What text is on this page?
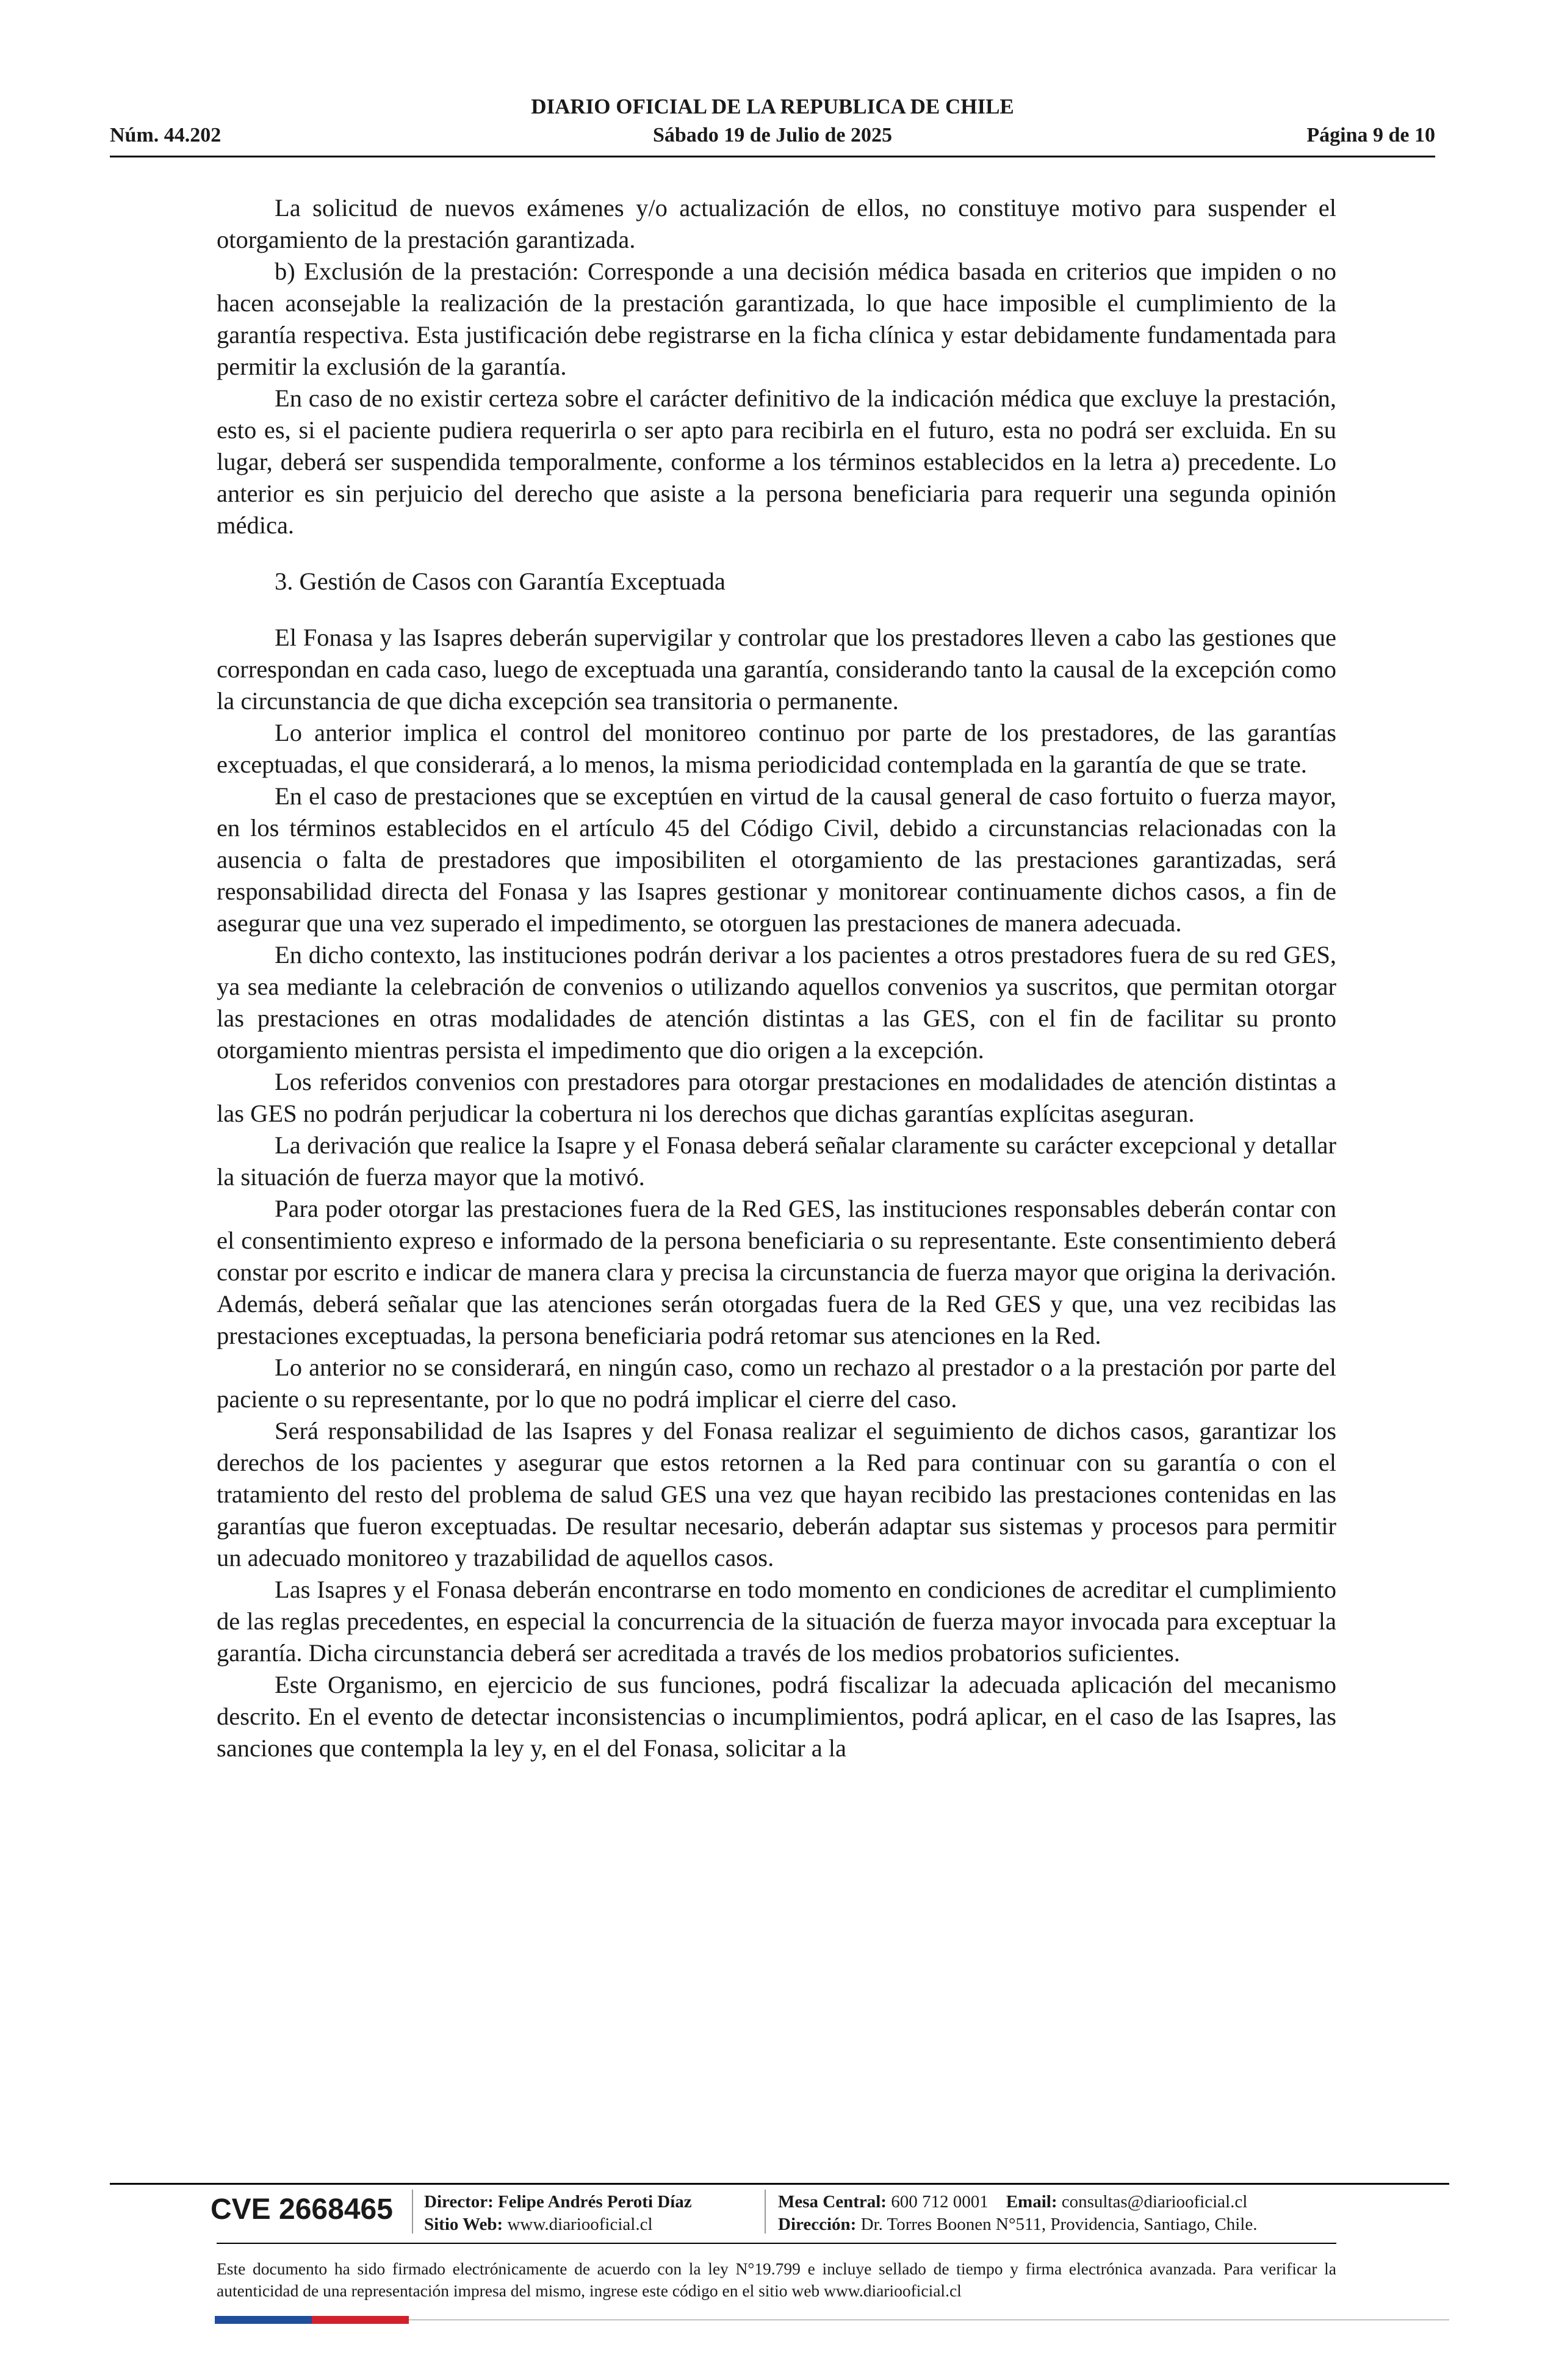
DIARIO OFICIAL DE LA REPUBLICA DE CHILE
Núm. 44.202	Sábado 19 de Julio de 2025	Página 9 de 10

La solicitud de nuevos exámenes y/o actualización de ellos, no constituye motivo para suspender el otorgamiento de la prestación garantizada.

b) Exclusión de la prestación: Corresponde a una decisión médica basada en criterios que impiden o no hacen aconsejable la realización de la prestación garantizada, lo que hace imposible el cumplimiento de la garantía respectiva. Esta justificación debe registrarse en la ficha clínica y estar debidamente fundamentada para permitir la exclusión de la garantía.

En caso de no existir certeza sobre el carácter definitivo de la indicación médica que excluye la prestación, esto es, si el paciente pudiera requerirla o ser apto para recibirla en el futuro, esta no podrá ser excluida. En su lugar, deberá ser suspendida temporalmente, conforme a los términos establecidos en la letra a) precedente. Lo anterior es sin perjuicio del derecho que asiste a la persona beneficiaria para requerir una segunda opinión médica.

3. Gestión de Casos con Garantía Exceptuada

El Fonasa y las Isapres deberán supervigilar y controlar que los prestadores lleven a cabo las gestiones que correspondan en cada caso, luego de exceptuada una garantía, considerando tanto la causal de la excepción como la circunstancia de que dicha excepción sea transitoria o permanente.

Lo anterior implica el control del monitoreo continuo por parte de los prestadores, de las garantías exceptuadas, el que considerará, a lo menos, la misma periodicidad contemplada en la garantía de que se trate.

En el caso de prestaciones que se exceptúen en virtud de la causal general de caso fortuito o fuerza mayor, en los términos establecidos en el artículo 45 del Código Civil, debido a circunstancias relacionadas con la ausencia o falta de prestadores que imposibiliten el otorgamiento de las prestaciones garantizadas, será responsabilidad directa del Fonasa y las Isapres gestionar y monitorear continuamente dichos casos, a fin de asegurar que una vez superado el impedimento, se otorguen las prestaciones de manera adecuada.

En dicho contexto, las instituciones podrán derivar a los pacientes a otros prestadores fuera de su red GES, ya sea mediante la celebración de convenios o utilizando aquellos convenios ya suscritos, que permitan otorgar las prestaciones en otras modalidades de atención distintas a las GES, con el fin de facilitar su pronto otorgamiento mientras persista el impedimento que dio origen a la excepción.

Los referidos convenios con prestadores para otorgar prestaciones en modalidades de atención distintas a las GES no podrán perjudicar la cobertura ni los derechos que dichas garantías explícitas aseguran.

La derivación que realice la Isapre y el Fonasa deberá señalar claramente su carácter excepcional y detallar la situación de fuerza mayor que la motivó.

Para poder otorgar las prestaciones fuera de la Red GES, las instituciones responsables deberán contar con el consentimiento expreso e informado de la persona beneficiaria o su representante. Este consentimiento deberá constar por escrito e indicar de manera clara y precisa la circunstancia de fuerza mayor que origina la derivación. Además, deberá señalar que las atenciones serán otorgadas fuera de la Red GES y que, una vez recibidas las prestaciones exceptuadas, la persona beneficiaria podrá retomar sus atenciones en la Red.

Lo anterior no se considerará, en ningún caso, como un rechazo al prestador o a la prestación por parte del paciente o su representante, por lo que no podrá implicar el cierre del caso.

Será responsabilidad de las Isapres y del Fonasa realizar el seguimiento de dichos casos, garantizar los derechos de los pacientes y asegurar que estos retornen a la Red para continuar con su garantía o con el tratamiento del resto del problema de salud GES una vez que hayan recibido las prestaciones contenidas en las garantías que fueron exceptuadas. De resultar necesario, deberán adaptar sus sistemas y procesos para permitir un adecuado monitoreo y trazabilidad de aquellos casos.

Las Isapres y el Fonasa deberán encontrarse en todo momento en condiciones de acreditar el cumplimiento de las reglas precedentes, en especial la concurrencia de la situación de fuerza mayor invocada para exceptuar la garantía. Dicha circunstancia deberá ser acreditada a través de los medios probatorios suficientes.

Este Organismo, en ejercicio de sus funciones, podrá fiscalizar la adecuada aplicación del mecanismo descrito. En el evento de detectar inconsistencias o incumplimientos, podrá aplicar, en el caso de las Isapres, las sanciones que contempla la ley y, en el del Fonasa, solicitar a la

CVE 2668465 Director: Felipe Andrés Peroti Díaz
Sitio Web: www.diariooficial.cl
Mesa Central: 600 712 0001 Email: consultas@diariooficial.cl
Dirección: Dr. Torres Boonen N°511, Providencia, Santiago, Chile.
Este documento ha sido firmado electrónicamente de acuerdo con la ley N°19.799 e incluye sellado de tiempo y firma electrónica avanzada. Para verificar la autenticidad de una representación impresa del mismo, ingrese este código en el sitio web www.diariooficial.cl
